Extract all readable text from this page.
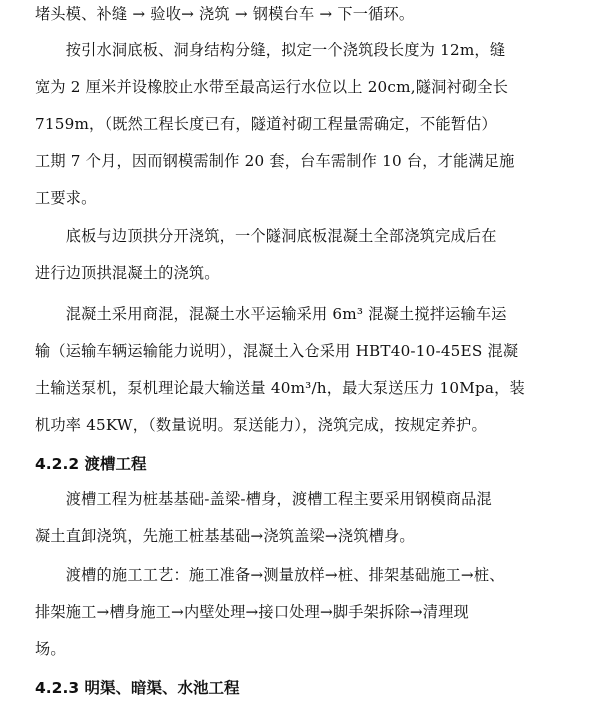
堵头模、补缝 → 验收→ 浇筑 → 钢模台车 → 下一循环。

　　按引水洞底板、洞身结构分缝，拟定一个浇筑段长度为 12m，缝
宽为 2 厘米并设橡胶止水带至最高运行水位以上 20cm,隧洞衬砌全长
7159m，（既然工程长度已有，隧道衬砌工程量需确定，不能暂估）
工期 7 个月，因而钢模需制作 20 套，台车需制作 10 台，才能满足施
工要求。

　　底板与边顶拱分开浇筑，一个隧洞底板混凝土全部浇筑完成后在
进行边顶拱混凝土的浇筑。

　　混凝土采用商混，混凝土水平运输采用 6m³ 混凝土搅拌运输车运
输（运输车辆运输能力说明），混凝土入仓采用 HBT40-10-45ES 混凝
土输送泵机，泵机理论最大输送量 40m³/h，最大泵送压力 10Mpa，装
机功率 45KW，（数量说明。泵送能力），浇筑完成，按规定养护。

4.2.2 渡槽工程

　　渡槽工程为桩基基础-盖梁-槽身，渡槽工程主要采用钢模商品混
凝土直卸浇筑，先施工桩基基础→浇筑盖梁→浇筑槽身。

　　渡槽的施工工艺：施工准备→测量放样→桩、排架基础施工→桩、
排架施工→槽身施工→内壁处理→接口处理→脚手架拆除→清理现
场。

4.2.3 明渠、暗渠、水池工程
